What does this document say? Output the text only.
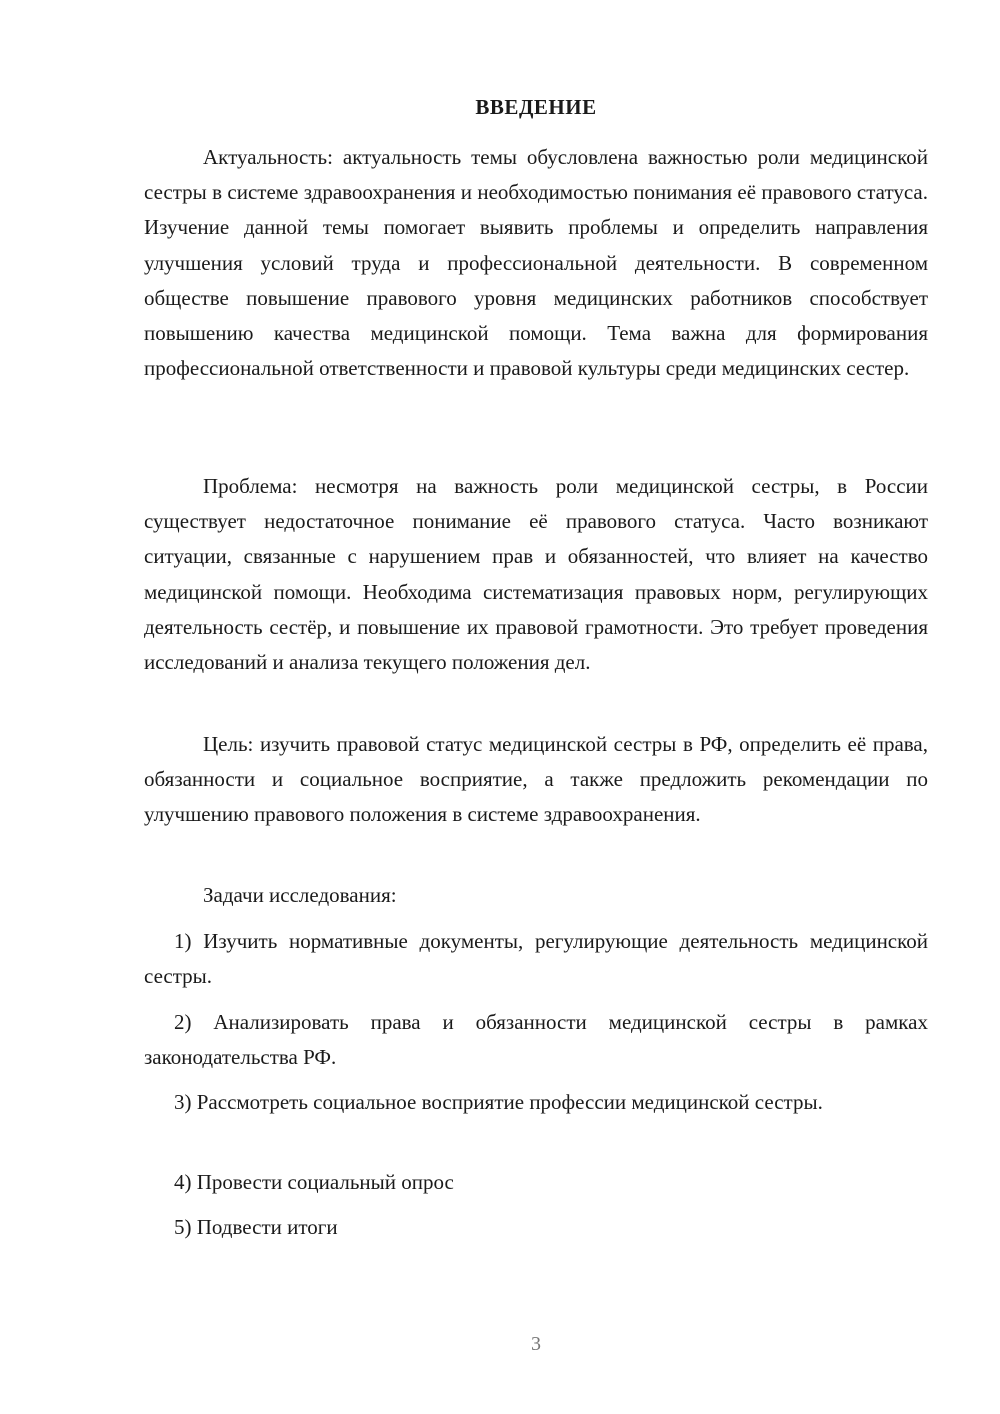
ВВЕДЕНИЕ

Актуальность: актуальность темы обусловлена важностью роли медицинской сестры в системе здравоохранения и необходимостью понимания её правового статуса. Изучение данной темы помогает выявить проблемы и определить направления улучшения условий труда и профессиональной деятельности. В современном обществе повышение правового уровня медицинских работников способствует повышению качества медицинской помощи. Тема важна для формирования профессиональной ответственности и правовой культуры среди медицинских сестер.

Проблема: несмотря на важность роли медицинской сестры, в России существует недостаточное понимание её правового статуса. Часто возникают ситуации, связанные с нарушением прав и обязанностей, что влияет на качество медицинской помощи. Необходима систематизация правовых норм, регулирующих деятельность сестёр, и повышение их правовой грамотности. Это требует проведения исследований и анализа текущего положения дел.

Цель: изучить правовой статус медицинской сестры в РФ, определить её права, обязанности и социальное восприятие, а также предложить рекомендации по улучшению правового положения в системе здравоохранения.

Задачи исследования:

1) Изучить нормативные документы, регулирующие деятельность медицинской сестры.

2) Анализировать права и обязанности медицинской сестры в рамках законодательства РФ.

3) Рассмотреть социальное восприятие профессии медицинской сестры.

4) Провести социальный опрос

5) Подвести итоги

3
